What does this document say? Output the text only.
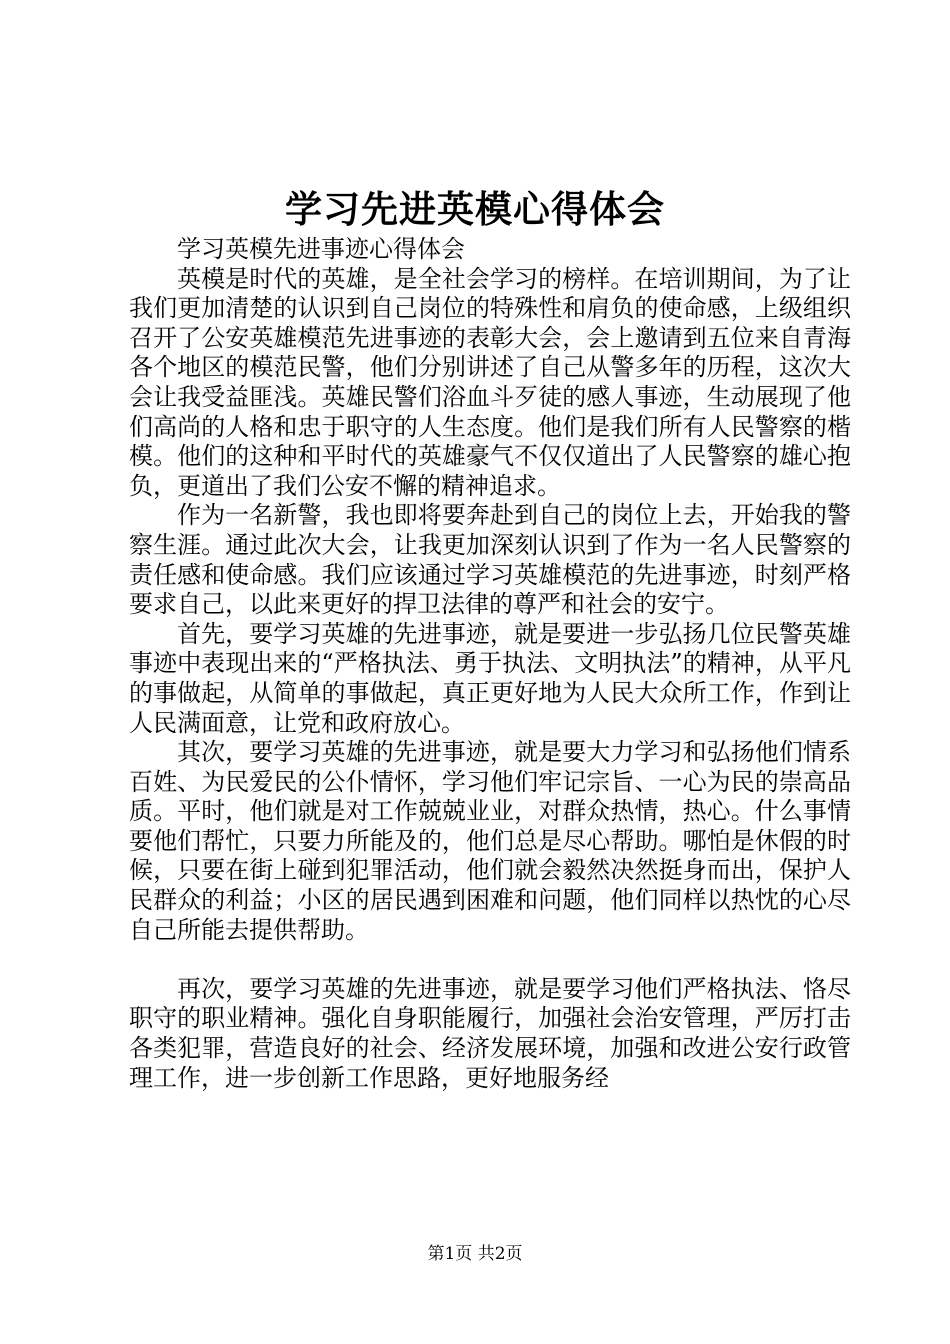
学习先进英模心得体会

学习英模先进事迹心得体会

英模是时代的英雄，是全社会学习的榜样。在培训期间，为了让我们更加清楚的认识到自己岗位的特殊性和肩负的使命感，上级组织召开了公安英雄模范先进事迹的表彰大会，会上邀请到五位来自青海各个地区的模范民警，他们分别讲述了自己从警多年的历程，这次大会让我受益匪浅。英雄民警们浴血斗歹徒的感人事迹，生动展现了他们高尚的人格和忠于职守的人生态度。他们是我们所有人民警察的楷模。他们的这种和平时代的英雄豪气不仅仅道出了人民警察的雄心抱负，更道出了我们公安不懈的精神追求。

作为一名新警，我也即将要奔赴到自己的岗位上去，开始我的警察生涯。通过此次大会，让我更加深刻认识到了作为一名人民警察的责任感和使命感。我们应该通过学习英雄模范的先进事迹，时刻严格要求自己，以此来更好的捍卫法律的尊严和社会的安宁。

首先，要学习英雄的先进事迹，就是要进一步弘扬几位民警英雄事迹中表现出来的“严格执法、勇于执法、文明执法”的精神，从平凡的事做起，从简单的事做起，真正更好地为人民大众所工作，作到让人民满面意，让党和政府放心。

其次，要学习英雄的先进事迹，就是要大力学习和弘扬他们情系百姓、为民爱民的公仆情怀，学习他们牢记宗旨、一心为民的崇高品质。平时，他们就是对工作兢兢业业，对群众热情，热心。什么事情要他们帮忙，只要力所能及的，他们总是尽心帮助。哪怕是休假的时候，只要在街上碰到犯罪活动，他们就会毅然决然挺身而出，保护人民群众的利益；小区的居民遇到困难和问题，他们同样以热忱的心尽自己所能去提供帮助。

再次，要学习英雄的先进事迹，就是要学习他们严格执法、恪尽职守的职业精神。强化自身职能履行，加强社会治安管理，严厉打击各类犯罪，营造良好的社会、经济发展环境，加强和改进公安行政管理工作，进一步创新工作思路，更好地服务经

第1页 共2页
